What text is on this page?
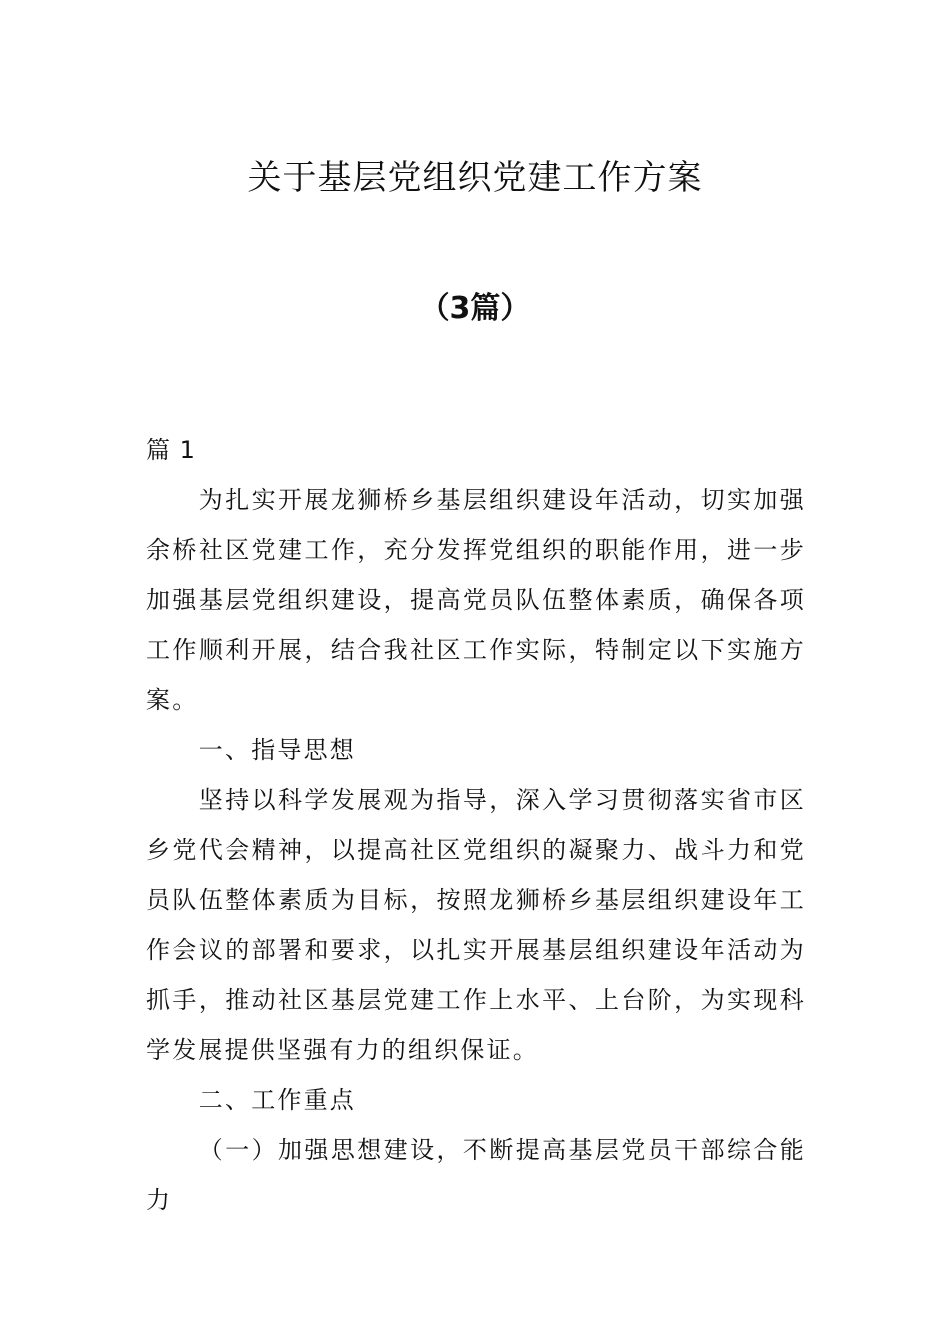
关于基层党组织党建工作方案
（3篇）

篇 1

为扎实开展龙狮桥乡基层组织建设年活动，切实加强余桥社区党建工作，充分发挥党组织的职能作用，进一步加强基层党组织建设，提高党员队伍整体素质，确保各项工作顺利开展，结合我社区工作实际，特制定以下实施方案。

一、指导思想

坚持以科学发展观为指导，深入学习贯彻落实省市区乡党代会精神，以提高社区党组织的凝聚力、战斗力和党员队伍整体素质为目标，按照龙狮桥乡基层组织建设年工作会议的部署和要求，以扎实开展基层组织建设年活动为抓手，推动社区基层党建工作上水平、上台阶，为实现科学发展提供坚强有力的组织保证。

二、工作重点

（一）加强思想建设，不断提高基层党员干部综合能力
